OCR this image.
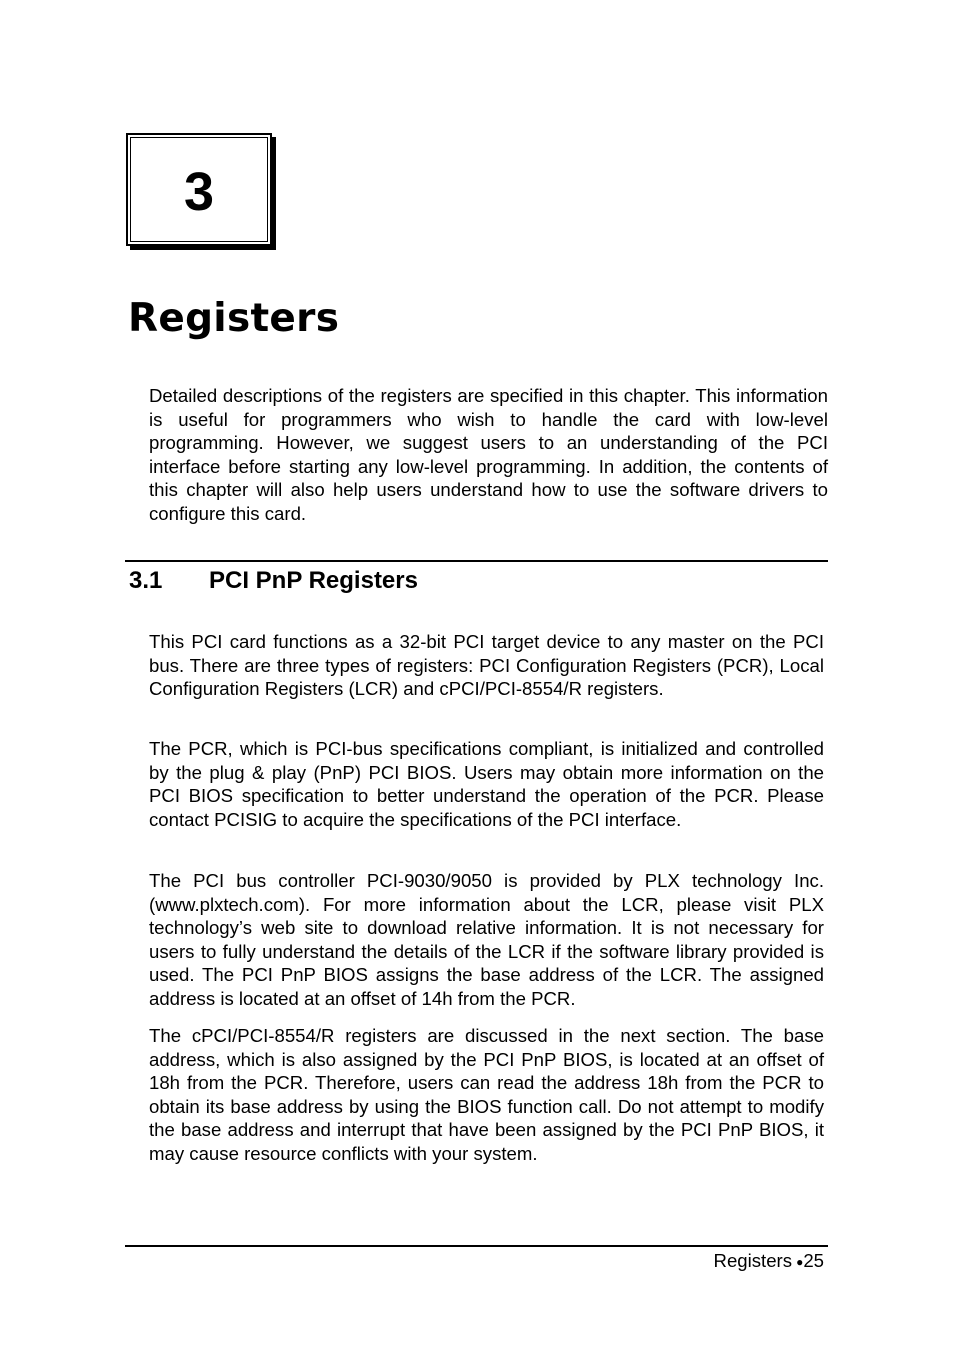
3
Registers

Detailed descriptions of the registers are specified in this chapter. This information is useful for programmers who wish to handle the card with low-level programming. However, we suggest users to an understanding of the PCI interface before starting any low-level programming. In addition, the contents of this chapter will also help users understand how to use the software drivers to configure this card.

3.1 PCI PnP Registers

This PCI card functions as a 32-bit PCI target device to any master on the PCI bus. There are three types of registers: PCI Configuration Registers (PCR), Local Configuration Registers (LCR) and cPCI/PCI-8554/R registers.

The PCR, which is PCI-bus specifications compliant, is initialized and controlled by the plug & play (PnP) PCI BIOS. Users may obtain more information on the PCI BIOS specification to better understand the operation of the PCR. Please contact PCISIG to acquire the specifications of the PCI interface.

The PCI bus controller PCI-9030/9050 is provided by PLX technology Inc. (www.plxtech.com). For more information about the LCR, please visit PLX technology’s web site to download relative information. It is not necessary for users to fully understand the details of the LCR if the software library provided is used. The PCI PnP BIOS assigns the base address of the LCR. The assigned address is located at an offset of 14h from the PCR.

The cPCI/PCI-8554/R registers are discussed in the next section. The base address, which is also assigned by the PCI PnP BIOS, is located at an offset of 18h from the PCR. Therefore, users can read the address 18h from the PCR to obtain its base address by using the BIOS function call. Do not attempt to modify the base address and interrupt that have been assigned by the PCI PnP BIOS, it may cause resource conflicts with your system.

Registers ●25
